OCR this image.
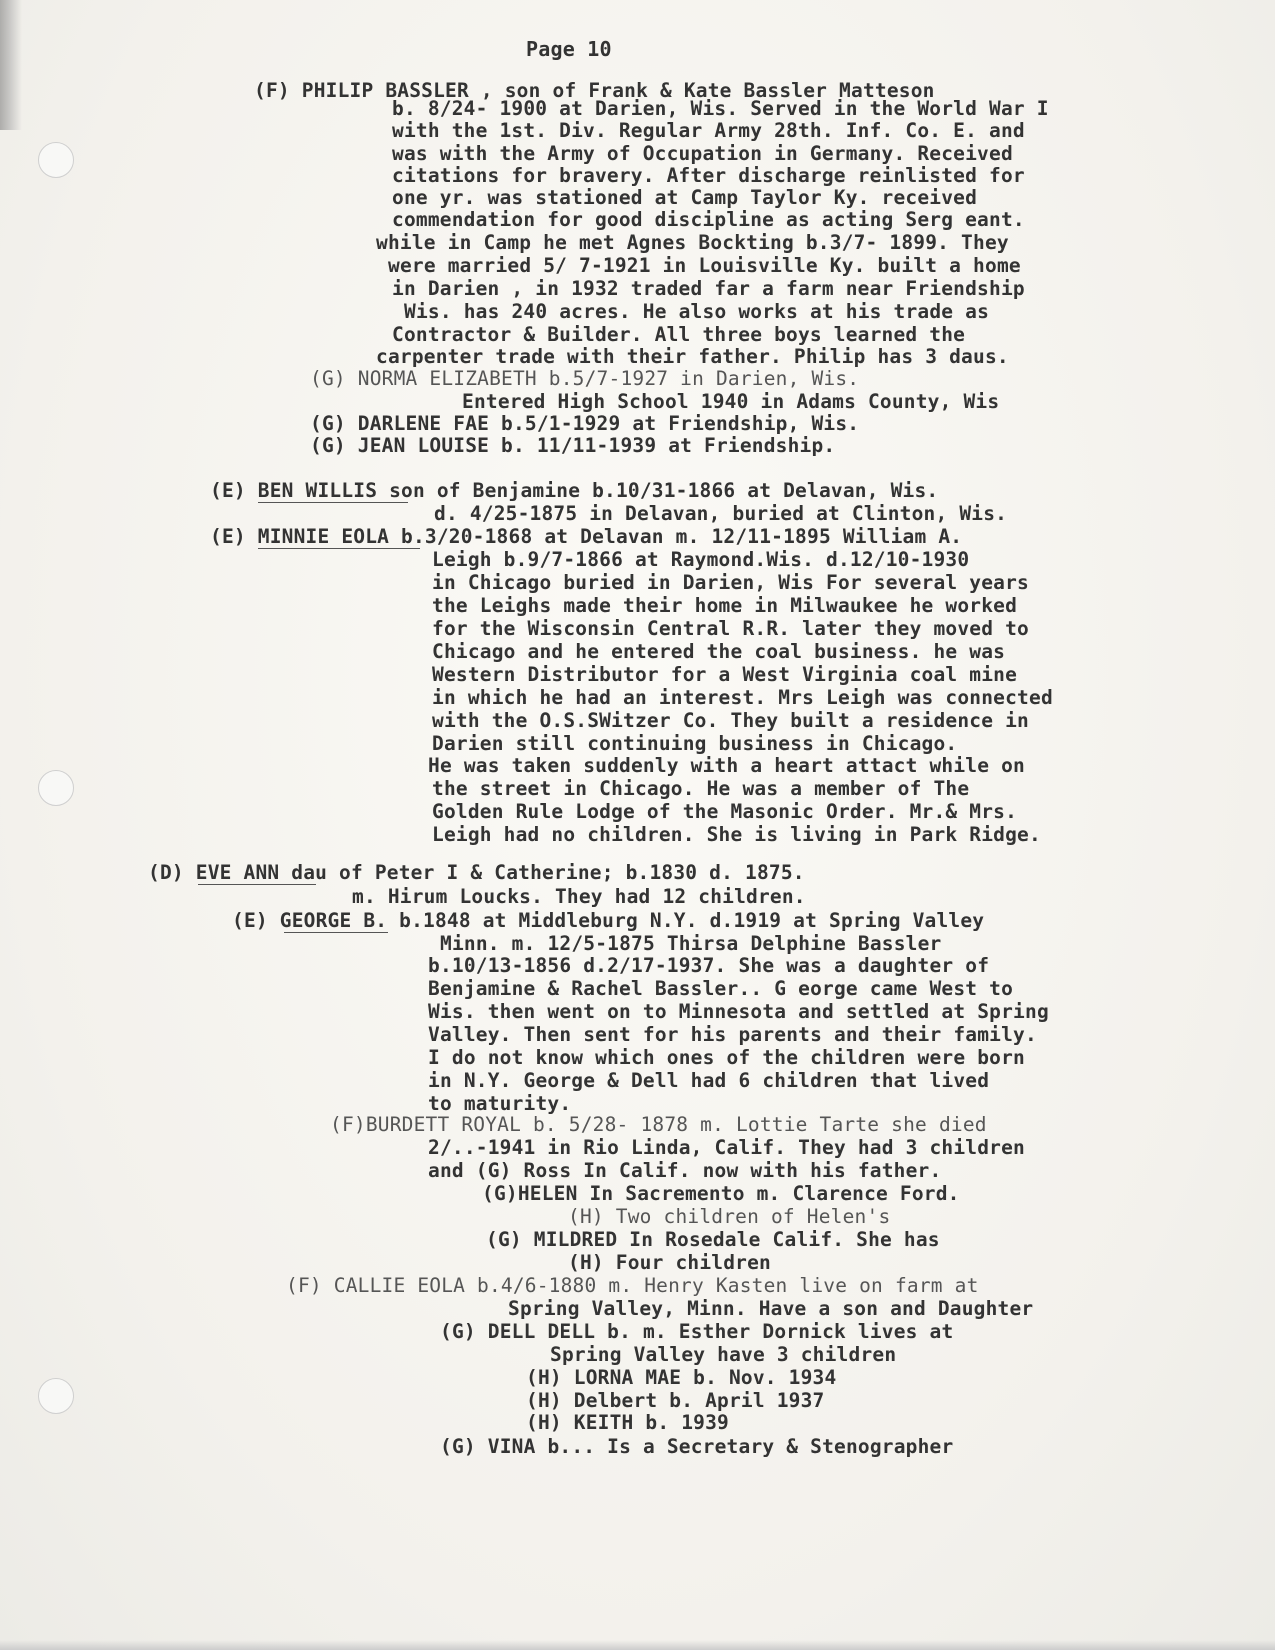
Page 10
(F) PHILIP BASSLER , son of Frank & Kate Bassler Matteson
b. 8/24- 1900 at Darien, Wis. Served in the World War I
with the 1st. Div. Regular Army 28th. Inf. Co. E. and
was with the Army of Occupation in Germany. Received
citations for bravery. After discharge reinlisted for
one yr. was stationed at Camp Taylor Ky. received
commendation for good discipline as acting Serg eant.
while in Camp he met Agnes Bockting b.3/7- 1899. They
were married 5/ 7-1921 in Louisville Ky. built a home
in Darien , in 1932 traded far a farm near Friendship
Wis. has 240 acres. He also works at his trade as
Contractor & Builder. All three boys learned the
carpenter trade with their father. Philip has 3 daus.
(G) NORMA ELIZABETH b.5/7-1927 in Darien, Wis.
Entered High School 1940 in Adams County, Wis
(G) DARLENE FAE b.5/1-1929 at Friendship, Wis.
(G) JEAN LOUISE b. 11/11-1939 at Friendship.
(E) BEN WILLIS son of Benjamine b.10/31-1866 at Delavan, Wis.
d. 4/25-1875 in Delavan, buried at Clinton, Wis.
(E) MINNIE EOLA b.3/20-1868 at Delavan m. 12/11-1895 William A.
Leigh b.9/7-1866 at Raymond.Wis. d.12/10-1930
in Chicago buried in Darien, Wis For several years
the Leighs made their home in Milwaukee he worked
for the Wisconsin Central R.R. later they moved to
Chicago and he entered the coal business. he was
Western Distributor for a West Virginia coal mine
in which he had an interest. Mrs Leigh was connected
with the O.S.SWitzer Co. They built a residence in
Darien still continuing business in Chicago.
He was taken suddenly with a heart attact while on
the street in Chicago. He was a member of The
Golden Rule Lodge of the Masonic Order. Mr.& Mrs.
Leigh had no children. She is living in Park Ridge.
(D) EVE ANN dau of Peter I & Catherine; b.1830 d. 1875.
m. Hirum Loucks. They had 12 children.
(E) GEORGE B. b.1848 at Middleburg N.Y. d.1919 at Spring Valley
Minn. m. 12/5-1875 Thirsa Delphine Bassler
b.10/13-1856 d.2/17-1937. She was a daughter of
Benjamine & Rachel Bassler.. G eorge came West to
Wis. then went on to Minnesota and settled at Spring
Valley. Then sent for his parents and their family.
I do not know which ones of the children were born
in N.Y. George & Dell had 6 children that lived
to maturity.
(F)BURDETT ROYAL b. 5/28- 1878 m. Lottie Tarte she died
2/..-1941 in Rio Linda, Calif. They had 3 children
and (G) Ross In Calif. now with his father.
(G)HELEN In Sacremento m. Clarence Ford.
(H) Two children of Helen's
(G) MILDRED In Rosedale Calif. She has
(H) Four children
(F) CALLIE EOLA b.4/6-1880 m. Henry Kasten live on farm at
Spring Valley, Minn. Have a son and Daughter
(G) DELL DELL b. m. Esther Dornick lives at
Spring Valley have 3 children
(H) LORNA MAE b. Nov. 1934
(H) Delbert b. April 1937
(H) KEITH b. 1939
(G) VINA b... Is a Secretary & Stenographer
